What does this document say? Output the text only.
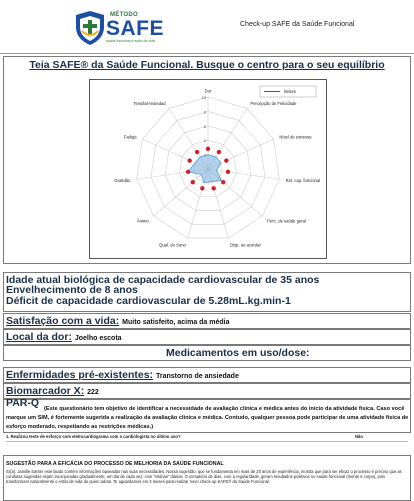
MÉTODO
SAFE
saúde funcional e estilo de vida
Check-up SAFE da Saúde Funcional
Teia SAFE® da Saúde Funcional. Busque o centro para o seu equilíbrio
2
4
6
8
10
Dor
Percepção de Felicidade
Nível de estresse
Rel. cap. funcional
Perc. de saúde geral
Disp. ao acordar
Qual. do Sono
Ânimo
Gratidão
Fadiga
Tensão/Ansiedad
limites
Idade atual biológica de capacidade cardiovascular de 35 anos
Envelhecimento de 8 anos
Déficit de capacidade cardiovascular de 5.28mL.kg.min-1
Satisfação com a vida: Muito satisfeito, acima da média
Local da dor: Joelho escota
Medicamentos em uso/dose:
Enfermidades pré-existentes: Transtorno de ansiedade
Biomarcador X: 222
PAR-Q (Este questionário tem objetivo de identificar a necessidade de avaliação clínica e médica antes do início da atividade física. Caso você marque um SIM, é fortemente sugerida a realização da avaliação clínica e médica. Contudo, qualquer pessoa pode participar de uma atividade física de esforço moderado, respeitando as restrições médicas.)
1. Realizou teste de esforço com eletrocardiograma com o cardiologista no último ano?	Não
SUGESTÃO PARA A EFICÁCIA DO PROCESSO DE MELHORIA DA SAÚDE FUNCIONAL
Sr(a). Jamille Santér este laudo contém informações baseadas nas suas necessidades. Nossa sugestão, que se fundamenta em mais de 20 anos de experiência, mostra que para ser eficaz o processo é preciso que as condutas sugeridas sejam incorporadas gradualmente, um dia de cada vez, com "vitórias" diárias. O somatório de dias, com a regularidade, geram resultados positivos no saúde funcional (mente e corpo), pois transformam naturalmente o estilo de vida de quem adota. Te aguardamos em 3 meses para realizar novo check-up SAFE® da Saúde Funcional.
